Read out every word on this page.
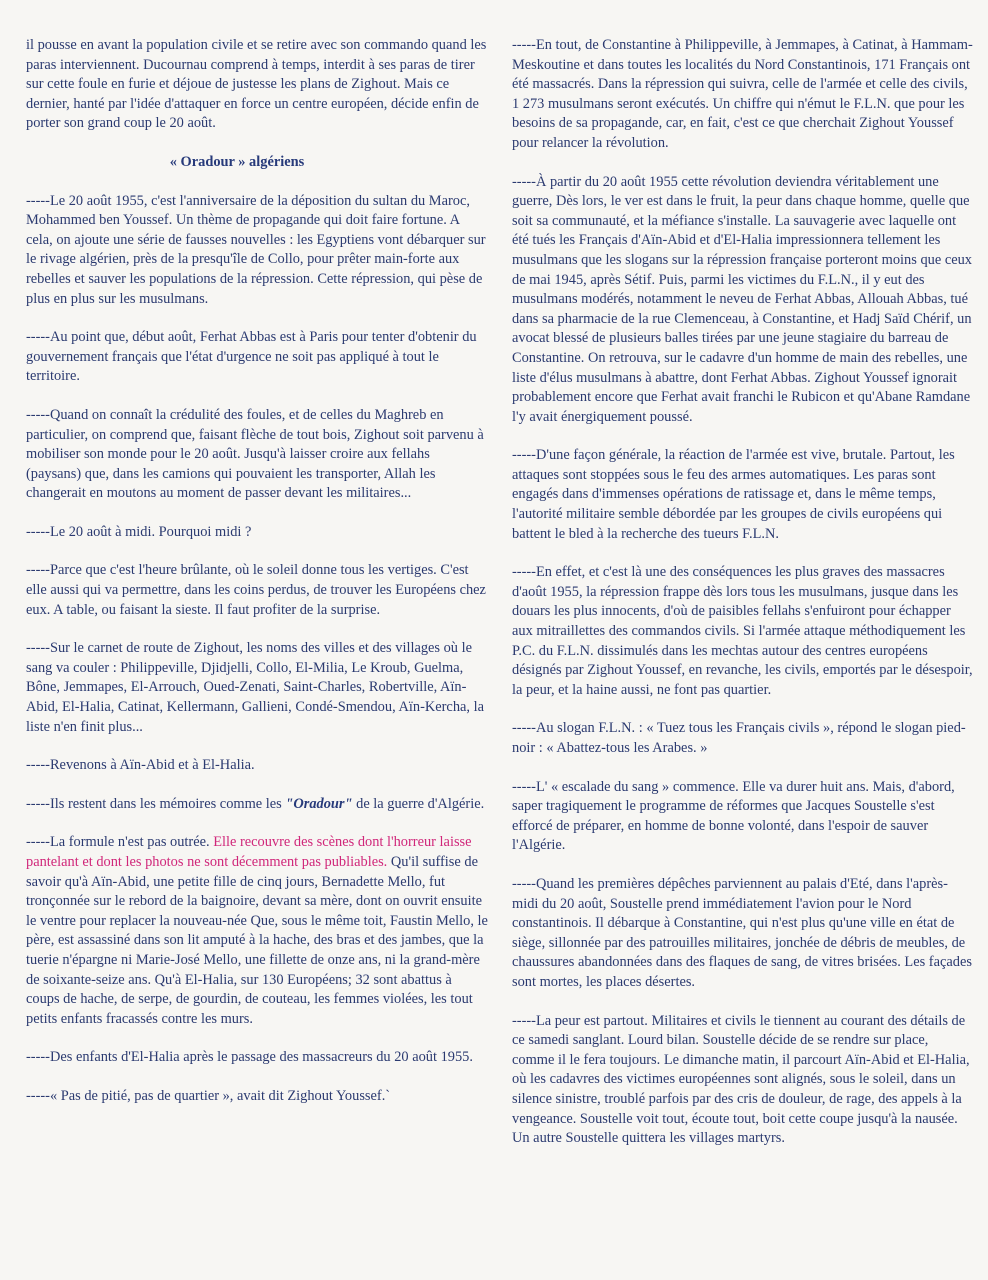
il pousse en avant la population civile et se retire avec son commando quand les paras interviennent. Ducournau comprend à temps, interdit à ses paras de tirer sur cette foule en furie et déjoue de justesse les plans de Zighout. Mais ce dernier, hanté par l'idée d'attaquer en force un centre européen, décide enfin de porter son grand coup le 20 août.

« Oradour » algériens

-----Le 20 août 1955, c'est l'anniversaire de la déposition du sultan du Maroc, Mohammed ben Youssef. Un thème de propagande qui doit faire fortune. A cela, on ajoute une série de fausses nouvelles : les Egyptiens vont débarquer sur le rivage algérien, près de la presqu'île de Collo, pour prêter main-forte aux rebelles et sauver les populations de la répression. Cette répression, qui pèse de plus en plus sur les musulmans.

-----Au point que, début août, Ferhat Abbas est à Paris pour tenter d'obtenir du gouvernement français que l'état d'urgence ne soit pas appliqué à tout le territoire.

-----Quand on connaît la crédulité des foules, et de celles du Maghreb en particulier, on comprend que, faisant flèche de tout bois, Zighout soit parvenu à mobiliser son monde pour le 20 août. Jusqu'à laisser croire aux fellahs (paysans) que, dans les camions qui pouvaient les transporter, Allah les changerait en moutons au moment de passer devant les militaires...

-----Le 20 août à midi. Pourquoi midi ?

-----Parce que c'est l'heure brûlante, où le soleil donne tous les vertiges. C'est elle aussi qui va permettre, dans les coins perdus, de trouver les Européens chez eux. A table, ou faisant la sieste. Il faut profiter de la surprise.

-----Sur le carnet de route de Zighout, les noms des villes et des villages où le sang va couler : Philippeville, Djidjelli, Collo, El-Milia, Le Kroub, Guelma, Bône, Jemmapes, El-Arrouch, Oued-Zenati, Saint-Charles, Robertville, Aïn-Abid, El-Halia, Catinat, Kellermann, Gallieni, Condé-Smendou, Aïn-Kercha, la liste n'en finit plus...

-----Revenons à Aïn-Abid et à El-Halia.

-----Ils restent dans les mémoires comme les "Oradour" de la guerre d'Algérie.

-----La formule n'est pas outrée. Elle recouvre des scènes dont l'horreur laisse pantelant et dont les photos ne sont décemment pas publiables. Qu'il suffise de savoir qu'à Aïn-Abid, une petite fille de cinq jours, Bernadette Mello, fut tronçonnée sur le rebord de la baignoire, devant sa mère, dont on ouvrit ensuite le ventre pour replacer la nouveau-née Que, sous le même toit, Faustin Mello, le père, est assassiné dans son lit amputé à la hache, des bras et des jambes, que la tuerie n'épargne ni Marie-José Mello, une fillette de onze ans, ni la grand-mère de soixante-seize ans. Qu'à El-Halia, sur 130 Européens; 32 sont abattus à coups de hache, de serpe, de gourdin, de couteau, les femmes violées, les tout petits enfants fracassés contre les murs.

-----Des enfants d'El-Halia après le passage des massacreurs du 20 août 1955.

-----« Pas de pitié, pas de quartier », avait dit Zighout Youssef.`

-----En tout, de Constantine à Philippeville, à Jemmapes, à Catinat, à Hammam-Meskoutine et dans toutes les localités du Nord Constantinois, 171 Français ont été massacrés. Dans la répression qui suivra, celle de l'armée et celle des civils, 1 273 musulmans seront exécutés. Un chiffre qui n'émut le F.L.N. que pour les besoins de sa propagande, car, en fait, c'est ce que cherchait Zighout Youssef pour relancer la révolution.

-----À partir du 20 août 1955 cette révolution deviendra véritablement une guerre, Dès lors, le ver est dans le fruit, la peur dans chaque homme, quelle que soit sa communauté, et la méfiance s'installe. La sauvagerie avec laquelle ont été tués les Français d'Aïn-Abid et d'El-Halia impressionnera tellement les musulmans que les slogans sur la répression française porteront moins que ceux de mai 1945, après Sétif. Puis, parmi les victimes du F.L.N., il y eut des musulmans modérés, notamment le neveu de Ferhat Abbas, Allouah Abbas, tué dans sa pharmacie de la rue Clemenceau, à Constantine, et Hadj Saïd Chérif, un avocat blessé de plusieurs balles tirées par une jeune stagiaire du barreau de Constantine. On retrouva, sur le cadavre d'un homme de main des rebelles, une liste d'élus musulmans à abattre, dont Ferhat Abbas. Zighout Youssef ignorait probablement encore que Ferhat avait franchi le Rubicon et qu'Abane Ramdane l'y avait énergiquement poussé.

-----D'une façon générale, la réaction de l'armée est vive, brutale. Partout, les attaques sont stoppées sous le feu des armes automatiques. Les paras sont engagés dans d'immenses opérations de ratissage et, dans le même temps, l'autorité militaire semble débordée par les groupes de civils européens qui battent le bled à la recherche des tueurs F.L.N.

-----En effet, et c'est là une des conséquences les plus graves des massacres d'août 1955, la répression frappe dès lors tous les musulmans, jusque dans les douars les plus innocents, d'où de paisibles fellahs s'enfuiront pour échapper aux mitraillettes des commandos civils. Si l'armée attaque méthodiquement les P.C. du F.L.N. dissimulés dans les mechtas autour des centres européens désignés par Zighout Youssef, en revanche, les civils, emportés par le désespoir, la peur, et la haine aussi, ne font pas quartier.

-----Au slogan F.L.N. : « Tuez tous les Français civils », répond le slogan pied-noir : « Abattez-tous les Arabes. »

-----L' « escalade du sang » commence. Elle va durer huit ans. Mais, d'abord, saper tragiquement le programme de réformes que Jacques Soustelle s'est efforcé de préparer, en homme de bonne volonté, dans l'espoir de sauver l'Algérie.

-----Quand les premières dépêches parviennent au palais d'Eté, dans l'après-midi du 20 août, Soustelle prend immédiatement l'avion pour le Nord constantinois. Il débarque à Constantine, qui n'est plus qu'une ville en état de siège, sillonnée par des patrouilles militaires, jonchée de débris de meubles, de chaussures abandonnées dans des flaques de sang, de vitres brisées. Les façades sont mortes, les places désertes.

-----La peur est partout. Militaires et civils le tiennent au courant des détails de ce samedi sanglant. Lourd bilan. Soustelle décide de se rendre sur place, comme il le fera toujours. Le dimanche matin, il parcourt Aïn-Abid et El-Halia, où les cadavres des victimes européennes sont alignés, sous le soleil, dans un silence sinistre, troublé parfois par des cris de douleur, de rage, des appels à la vengeance. Soustelle voit tout, écoute tout, boit cette coupe jusqu'à la nausée. Un autre Soustelle quittera les villages martyrs.
